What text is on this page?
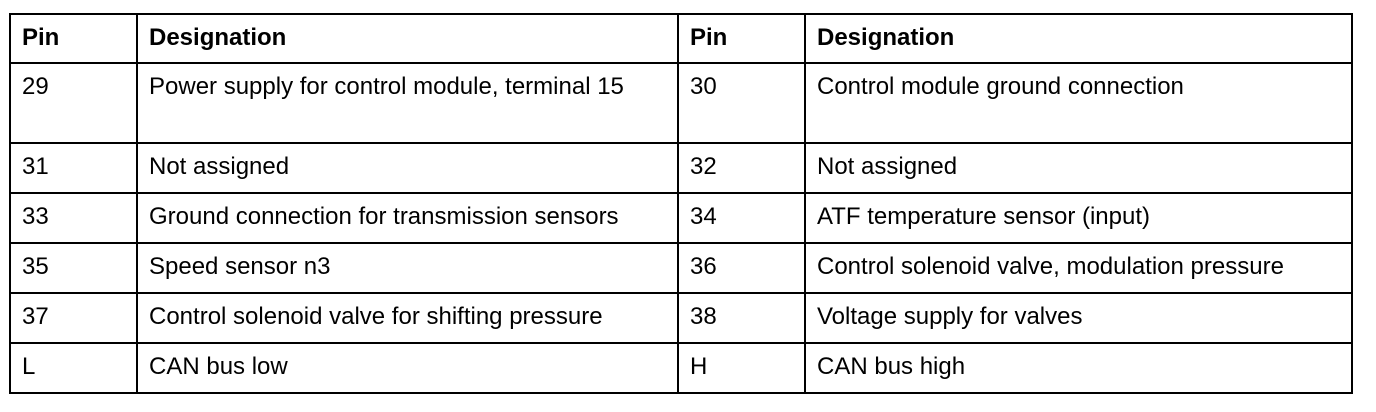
Pin	Designation	Pin	Designation
29	Power supply for control module, terminal 15	30	Control module ground connection
31	Not assigned	32	Not assigned
33	Ground connection for transmission sensors	34	ATF temperature sensor (input)
35	Speed sensor n3	36	Control solenoid valve, modulation pressure
37	Control solenoid valve for shifting pressure	38	Voltage supply for valves
L	CAN bus low	H	CAN bus high
